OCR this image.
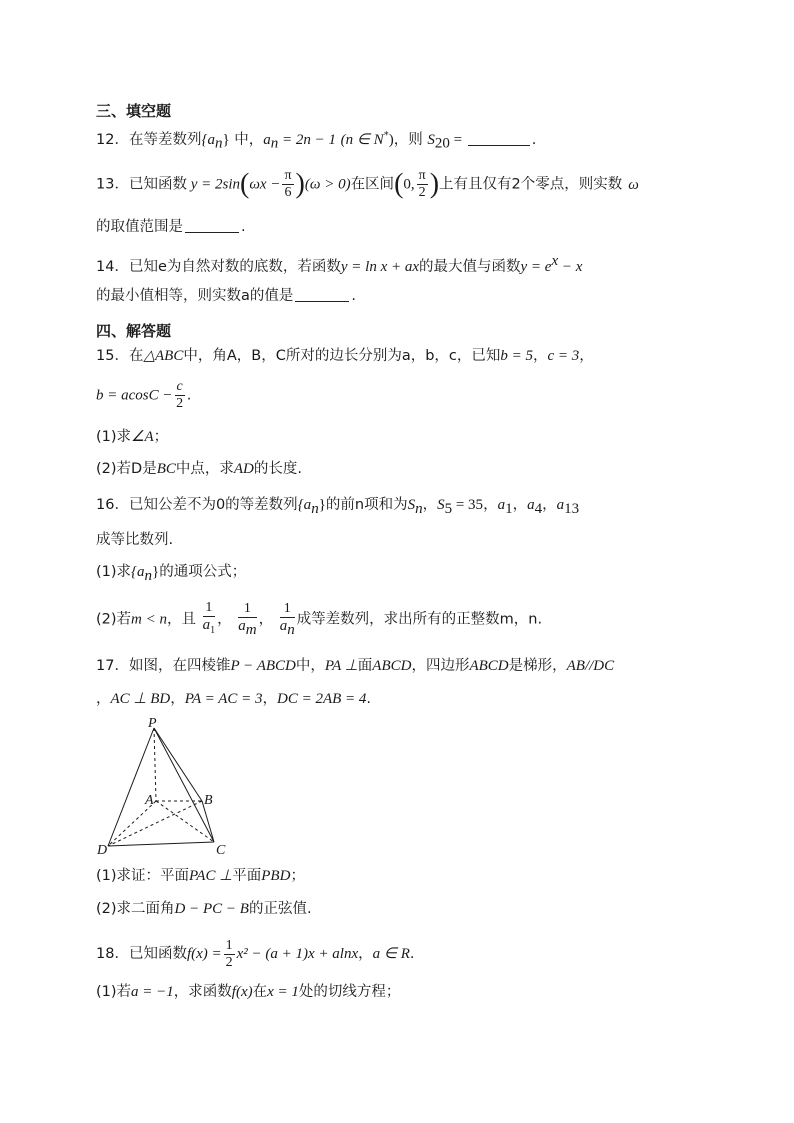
三、填空题
12．在等差数列$\{a_n\}$ 中，$a_n = 2n - 1$ (n ∈ N*)，则 $S_{20}$ =	.
13．已知函数 $y = 2\sin(\omega x - \frac{\pi}{6} )(\omega > 0)$在区间(0, $\frac{\pi}{2}$ )上有且仅有2个零点，则实数 ω
的取值范围是	.
14．已知e为自然对数的底数，若函数y = ln x + ax的最大值与函数$y = e^x - x$
的最小值相等，则实数a的值是	.
四、解答题
15．在△ABC中，角A，B，C所对的边长分别为a，b，c，已知b = 5，c = 3，
$b = acosC - \frac{c}{2}$ .
(1)求∠A；
(2)若D是BC中点，求AD的长度.
16．已知公差不为0的等差数列$\{a_n\}$的前n项和为$S_n$，$S_5 = 35$，$a_1$，$a_4$，$a_{13}$
成等比数列.
(1)求$\{a_n\}$的通项公式；
(2)若m < n，且 $\frac{1}{a_1}$ ， $\frac{1}{a_m}$ ， $\frac{1}{a_n}$ 成等差数列，求出所有的正整数m，n.
17．如图，在四棱锥P − ABCD中，PA ⊥面ABCD，四边形ABCD是梯形，AB//DC
，AC ⊥ BD，PA = AC = 3，DC = 2AB = 4.
P
A	B
C
D
(1)求证：平面PAC ⊥平面PBD；
(2)求二面角D − PC − B的正弦值.
18．已知函数$f(x) = \frac{1}{2} x^2 - (a + 1)x + alnx$，a ∈ R.
(1)若a = −1，求函数f(x)在x = 1处的切线方程；
